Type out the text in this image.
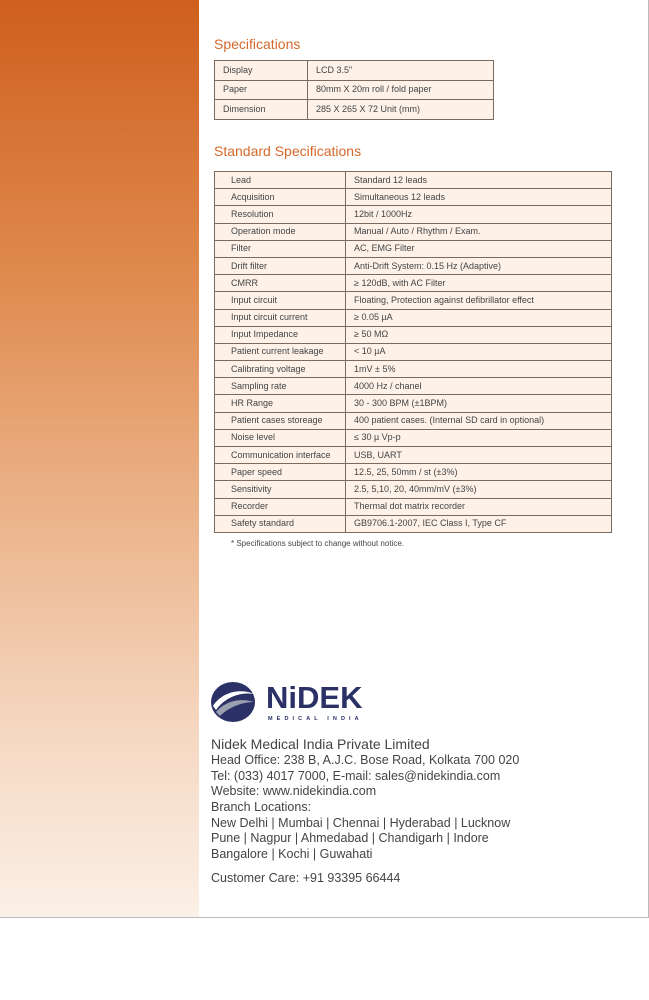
Specifications
Display	LCD 3.5"
Paper	80mm X 20m roll / fold paper
Dimension	285 X 265 X 72 Unit (mm)
Standard Specifications
Lead	Standard 12 leads
Acquisition	Simultaneous 12 leads
Resolution	12bit / 1000Hz
Operation mode	Manual / Auto / Rhythm / Exam.
Filter	AC, EMG Filter
Drift filter	Anti-Drift System: 0.15 Hz (Adaptive)
CMRR	≥ 120dB, with AC Filter
Input circuit	Floating, Protection against defibrillator effect
Input circuit current	≥ 0.05 µA
Input Impedance	≥ 50 MΩ
Patient current leakage	< 10 µA
Calibrating voltage	1mV ± 5%
Sampling rate	4000 Hz / chanel
HR Range	30 - 300 BPM (±1BPM)
Patient cases storeage	400 patient cases. (Internal SD card in optional)
Noise level	≤ 30 µ Vp-p
Communication interface	USB, UART
Paper speed	12.5, 25, 50mm / st (±3%)
Sensitivity	2.5, 5,10, 20, 40mm/mV (±3%)
Recorder	Thermal dot matrix recorder
Safety standard	GB9706.1-2007, IEC Class I, Type CF
* Specifications subject to change without notice.
NiDEK
MEDICAL INDIA
Nidek Medical India Private Limited
Head Office: 238 B, A.J.C. Bose Road, Kolkata 700 020
Tel: (033) 4017 7000, E-mail: sales@nidekindia.com
Website: www.nidekindia.com
Branch Locations:
New Delhi | Mumbai | Chennai | Hyderabad | Lucknow
Pune | Nagpur | Ahmedabad | Chandigarh | Indore
Bangalore | Kochi | Guwahati
Customer Care: +91 93395 66444
